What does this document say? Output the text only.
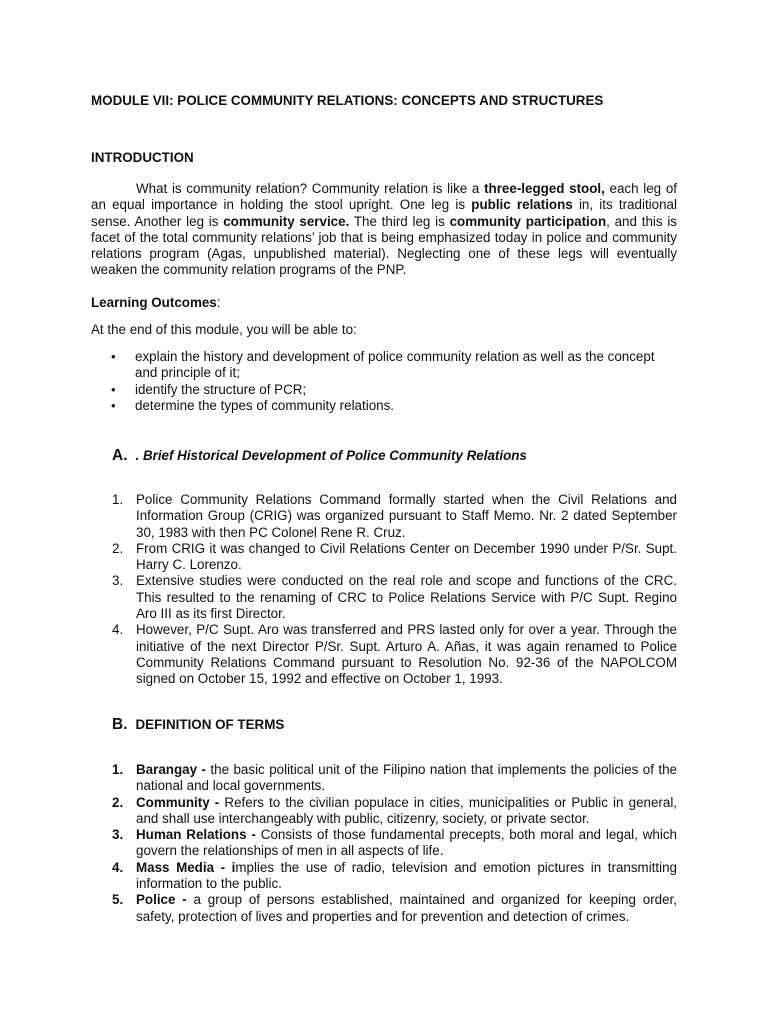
MODULE VII: POLICE COMMUNITY RELATIONS: CONCEPTS AND STRUCTURES
INTRODUCTION
What is community relation? Community relation is like a three-legged stool, each leg of an equal importance in holding the stool upright. One leg is public relations in, its traditional sense. Another leg is community service. The third leg is community participation, and this is facet of the total community relations’ job that is being emphasized today in police and community relations program (Agas, unpublished material). Neglecting one of these legs will eventually weaken the community relation programs of the PNP.
Learning Outcomes:
At the end of this module, you will be able to:
• explain the history and development of police community relation as well as the concept and principle of it;
• identify the structure of PCR;
• determine the types of community relations.
A. . Brief Historical Development of Police Community Relations
1. Police Community Relations Command formally started when the Civil Relations and Information Group (CRIG) was organized pursuant to Staff Memo. Nr. 2 dated September 30, 1983 with then PC Colonel Rene R. Cruz.
2. From CRIG it was changed to Civil Relations Center on December 1990 under P/Sr. Supt. Harry C. Lorenzo.
3. Extensive studies were conducted on the real role and scope and functions of the CRC. This resulted to the renaming of CRC to Police Relations Service with P/C Supt. Regino Aro III as its first Director.
4. However, P/C Supt. Aro was transferred and PRS lasted only for over a year. Through the initiative of the next Director P/Sr. Supt. Arturo A. Añas, it was again renamed to Police Community Relations Command pursuant to Resolution No. 92-36 of the NAPOLCOM signed on October 15, 1992 and effective on October 1, 1993.
B. DEFINITION OF TERMS
1. Barangay - the basic political unit of the Filipino nation that implements the policies of the national and local governments.
2. Community - Refers to the civilian populace in cities, municipalities or Public in general, and shall use interchangeably with public, citizenry, society, or private sector.
3. Human Relations - Consists of those fundamental precepts, both moral and legal, which govern the relationships of men in all aspects of life.
4. Mass Media - implies the use of radio, television and emotion pictures in transmitting information to the public.
5. Police - a group of persons established, maintained and organized for keeping order, safety, protection of lives and properties and for prevention and detection of crimes.
